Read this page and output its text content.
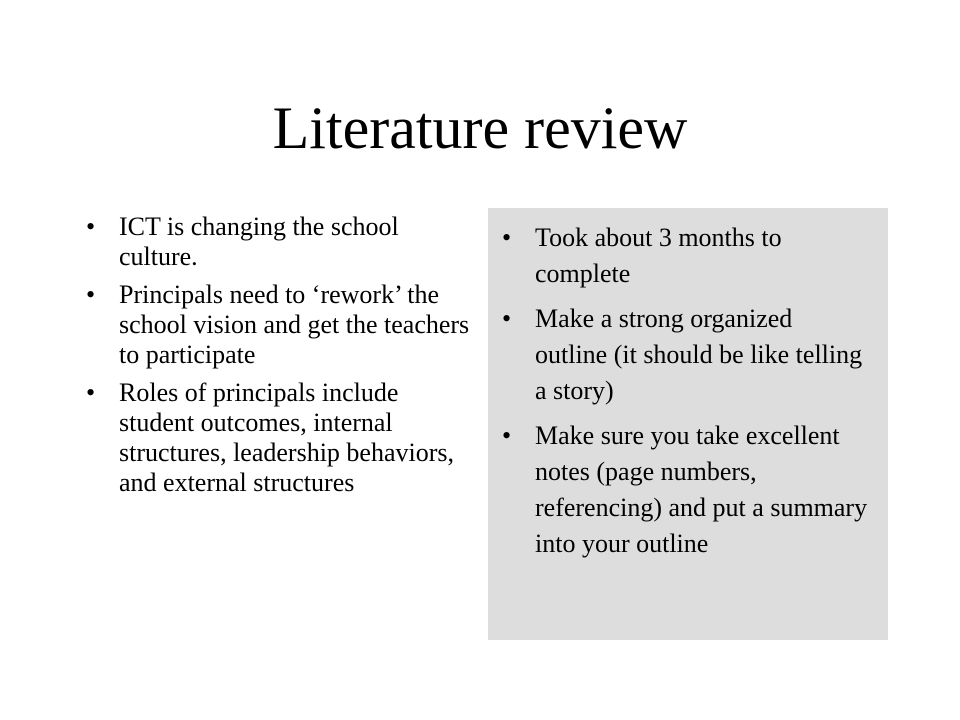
Literature review
• ICT is changing the school culture.
• Principals need to ‘rework’ the school vision and get the teachers to participate
• Roles of principals include student outcomes, internal structures, leadership behaviors, and external structures
• Took about 3 months to complete
• Make a strong organized outline (it should be like telling a story)
• Make sure you take excellent notes (page numbers, referencing) and put a summary into your outline
